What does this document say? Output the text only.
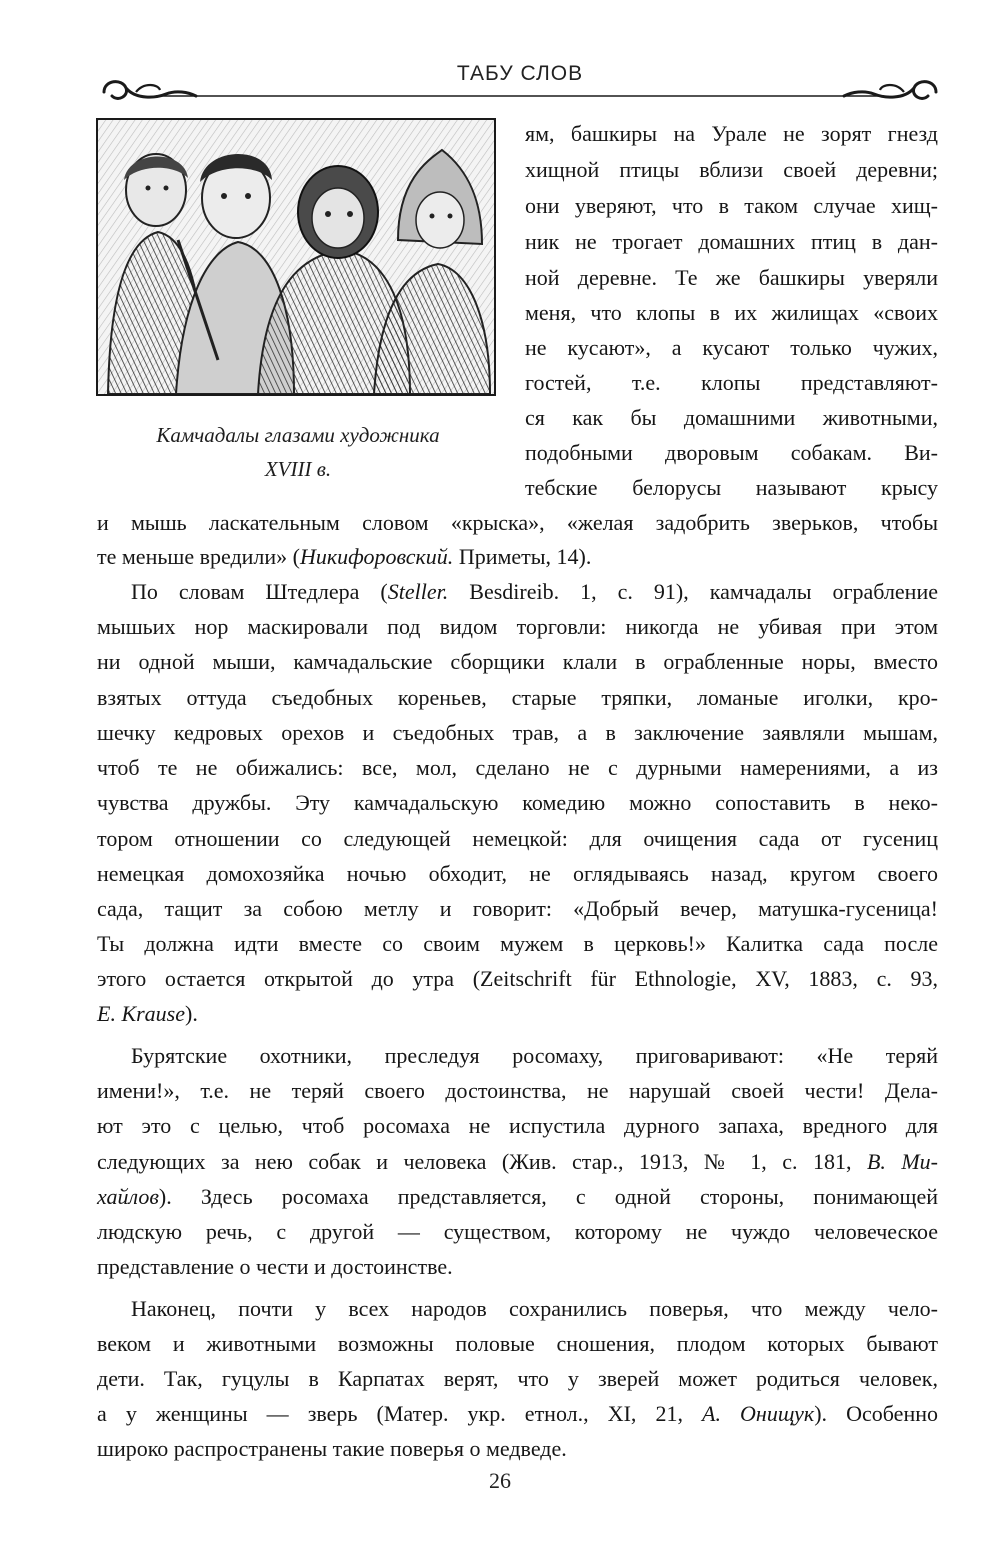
ТАБУ СЛОВ
Камчадалы глазами художника
XVIII в.
ям, башкиры на Урале не зорят гнезд
хищной птицы вблизи своей деревни;
они уверяют, что в таком случае хищ-
ник не трогает домашних птиц в дан-
ной деревне. Те же башкиры уверяли
меня, что клопы в их жилищах «своих
не кусают», а кусают только чужих,
гостей, т.е. клопы представляют-
ся как бы домашними животными,
подобными дворовым собакам. Ви-
тебские белорусы называют крысу
и мышь ласкательным словом «крыска», «желая задобрить зверьков, чтобы
те меньше вредили» (Никифоровский. Приметы, 14).
По словам Штедлера (Steller. Besdireib. 1, с. 91), камчадалы ограбление
мышьих нор маскировали под видом торговли: никогда не убивая при этом
ни одной мыши, камчадальские сборщики клали в ограбленные норы, вместо
взятых оттуда съедобных кореньев, старые тряпки, ломаные иголки, кро-
шечку кедровых орехов и съедобных трав, а в заключение заявляли мышам,
чтоб те не обижались: все, мол, сделано не с дурными намерениями, а из
чувства дружбы. Эту камчадальскую комедию можно сопоставить в неко-
тором отношении со следующей немецкой: для очищения сада от гусениц
немецкая домохозяйка ночью обходит, не оглядываясь назад, кругом своего
сада, тащит за собою метлу и говорит: «Добрый вечер, матушка-гусеница!
Ты должна идти вместе со своим мужем в церковь!» Калитка сада после
этого остается открытой до утра (Zeitschrift für Ethnologie, XV, 1883, с. 93,
E. Krause).
Бурятские охотники, преследуя росомаху, приговаривают: «Не теряй
имени!», т.е. не теряй своего достоинства, не нарушай своей чести! Дела-
ют это с целью, чтоб росомаха не испустила дурного запаха, вредного для
следующих за нею собак и человека (Жив. стар., 1913, № 1, с. 181, В. Ми-
хайлов). Здесь росомаха представляется, с одной стороны, понимающей
людскую речь, с другой — существом, которому не чуждо человеческое
представление о чести и достоинстве.
Наконец, почти у всех народов сохранились поверья, что между чело-
веком и животными возможны половые сношения, плодом которых бывают
дети. Так, гуцулы в Карпатах верят, что у зверей может родиться человек,
а у женщины — зверь (Матер. укр. етнол., XI, 21, А. Онищук). Особенно
широко распространены такие поверья о медведе.
26
